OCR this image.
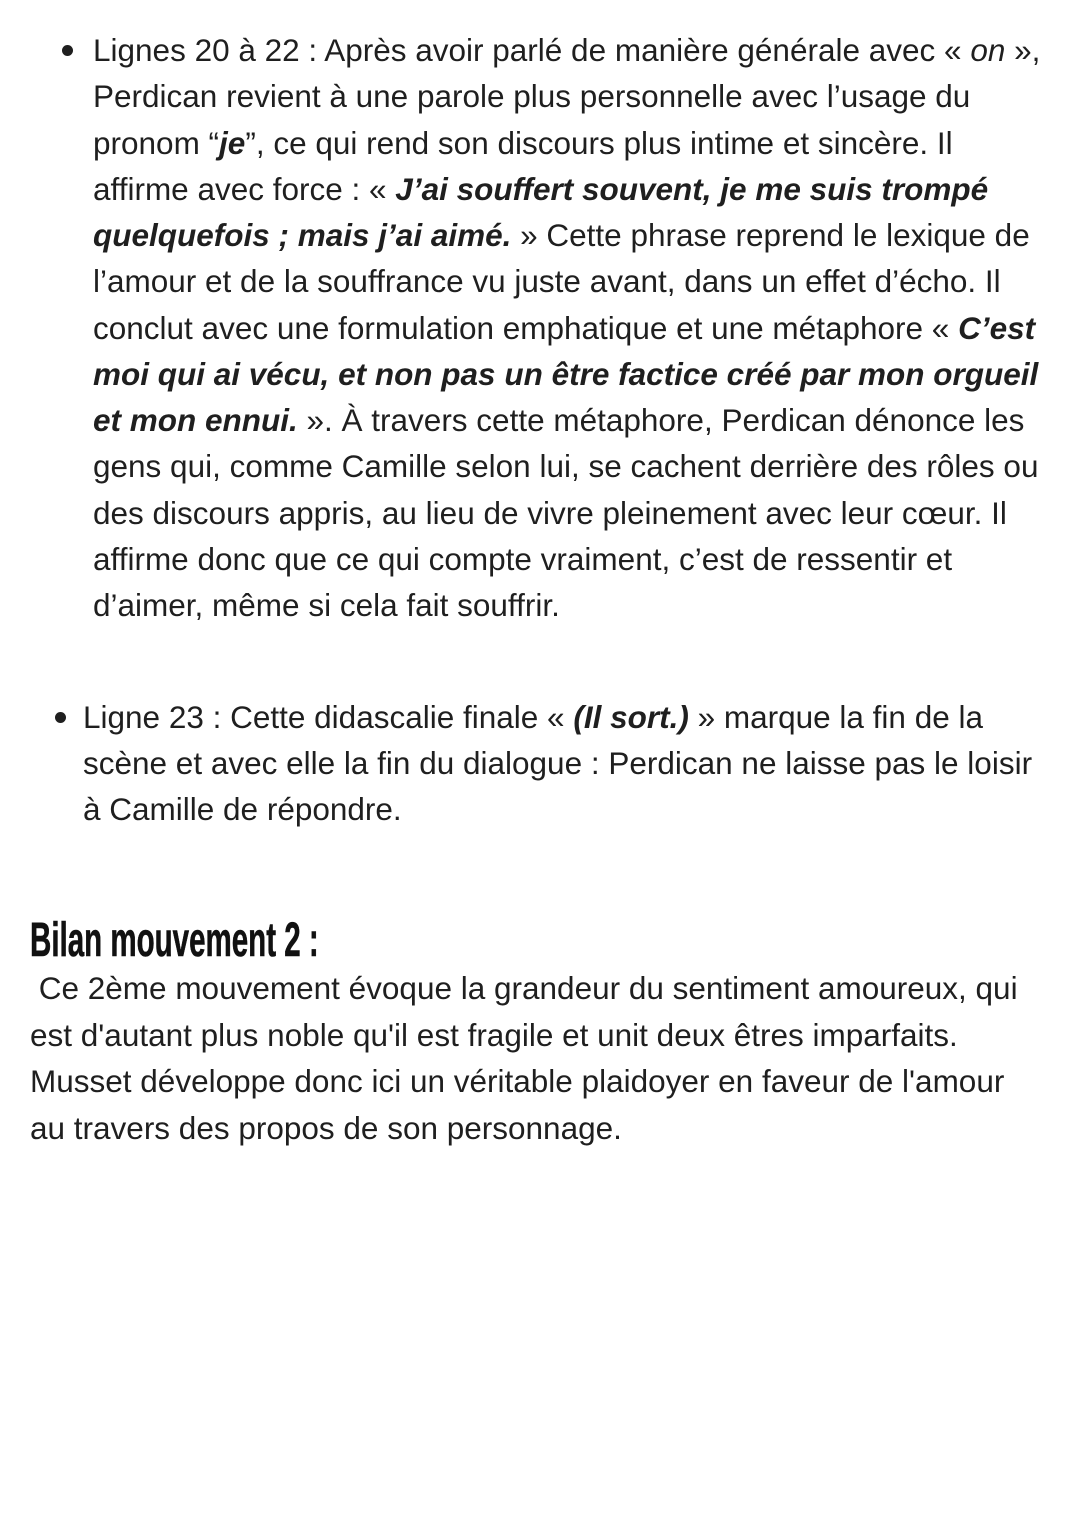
Lignes 20 à 22 : Après avoir parlé de manière générale avec « on »,
Perdican revient à une parole plus personnelle avec l’usage du
pronom “je”, ce qui rend son discours plus intime et sincère. Il
affirme avec force : « J’ai souffert souvent, je me suis trompé
quelquefois ; mais j’ai aimé. » Cette phrase reprend le lexique de
l’amour et de la souffrance vu juste avant, dans un effet d’écho. Il
conclut avec une formulation emphatique et une métaphore « C’est
moi qui ai vécu, et non pas un être factice créé par mon orgueil
et mon ennui. ». À travers cette métaphore, Perdican dénonce les
gens qui, comme Camille selon lui, se cachent derrière des rôles ou
des discours appris, au lieu de vivre pleinement avec leur cœur. Il
affirme donc que ce qui compte vraiment, c’est de ressentir et
d’aimer, même si cela fait souffrir.
Ligne 23 : Cette didascalie finale « (Il sort.) » marque la fin de la
scène et avec elle la fin du dialogue : Perdican ne laisse pas le loisir
à Camille de répondre.
Bilan mouvement 2 :
Ce 2ème mouvement évoque la grandeur du sentiment amoureux, qui
est d'autant plus noble qu'il est fragile et unit deux êtres imparfaits.
Musset développe donc ici un véritable plaidoyer en faveur de l'amour
au travers des propos de son personnage.
